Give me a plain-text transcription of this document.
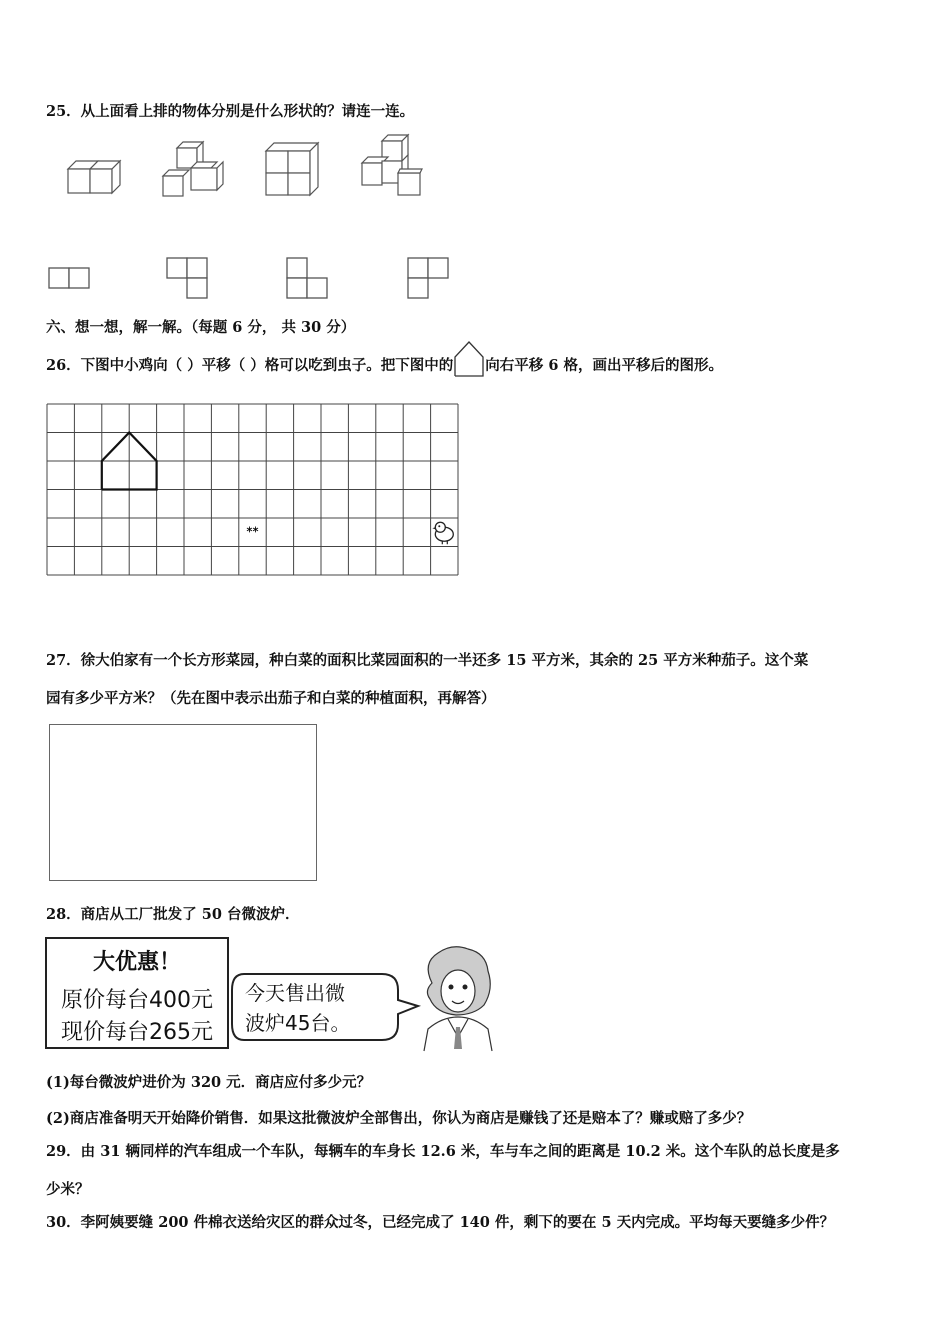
25．从上面看上排的物体分别是什么形状的？请连一连。
六、想一想，解一解。（每题 6 分， 共 30 分）
26．下图中小鸡向（ ）平移（ ）格可以吃到虫子。把下图中的 向右平移 6 格，画出平移后的图形。
ᕯ
27．徐大伯家有一个长方形菜园，种白菜的面积比菜园面积的一半还多 15 平方米，其余的 25 平方米种茄子。这个菜
园有多少平方米？（先在图中表示出茄子和白菜的种植面积，再解答）
28．商店从工厂批发了 50 台微波炉．
大优惠！
原价每台400元
现价每台265元
今天售出微
波炉45台。
(1)每台微波炉进价为 320 元．商店应付多少元？
(2)商店准备明天开始降价销售．如果这批微波炉全部售出，你认为商店是赚钱了还是赔本了？赚或赔了多少？
29．由 31 辆同样的汽车组成一个车队，每辆车的车身长 12.6 米，车与车之间的距离是 10.2 米。这个车队的总长度是多
少米？
30．李阿姨要缝 200 件棉衣送给灾区的群众过冬，已经完成了 140 件，剩下的要在 5 天内完成。平均每天要缝多少件？
